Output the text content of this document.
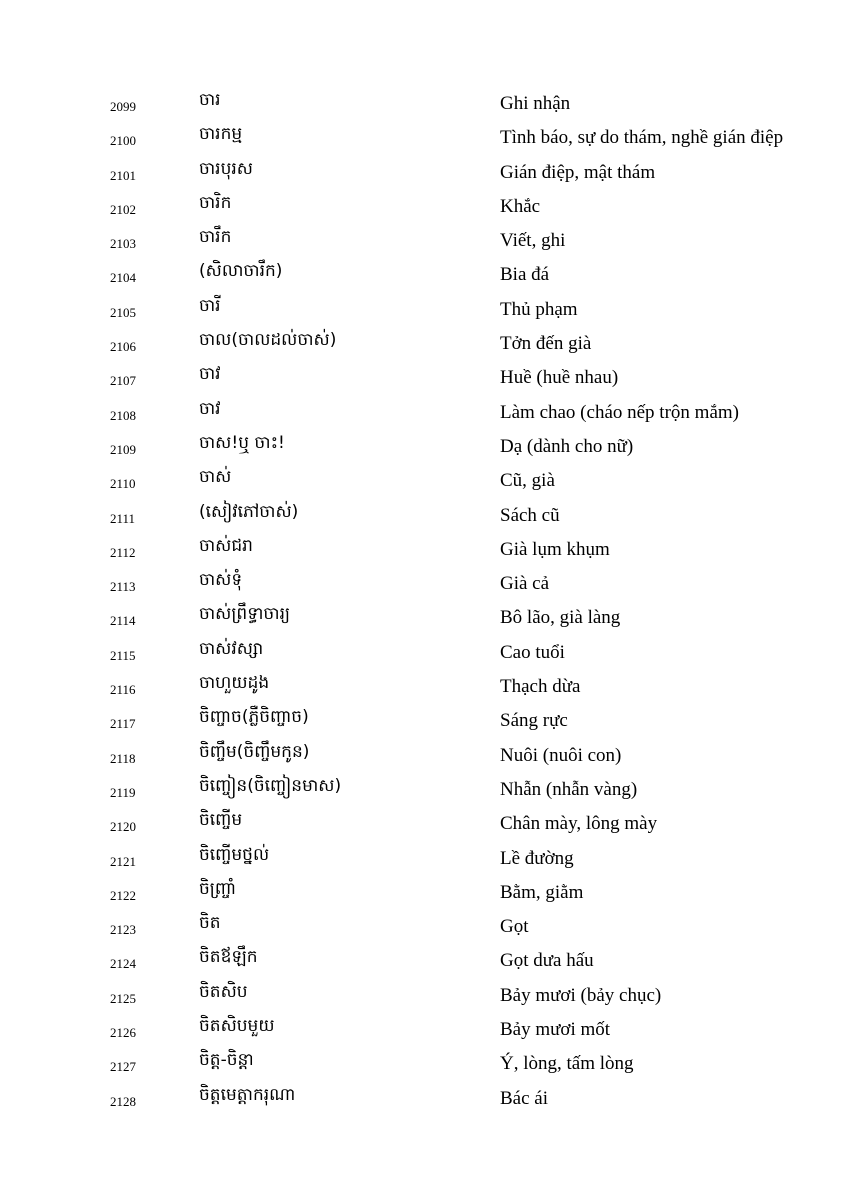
2099	ចារ	Ghi nhận
2100	ចារកម្ម	Tình báo, sự do thám, nghề gián điệp
2101	ចារបុរស	Gián điệp, mật thám
2102	ចារិក	Khắc
2103	ចារឹក	Viết, ghi
2104	(សិលាចារឹក)	Bia đá
2105	ចារី	Thủ phạm
2106	ចាល(ចាលដល់ចាស់)	Tởn đến già
2107	ចាវ	Huề (huề nhau)
2108	ចាវ	Làm chao (cháo nếp trộn mắm)
2109	ចាស!ឬ ចាះ!	Dạ (dành cho nữ)
2110	ចាស់	Cũ, già
2111	(សៀវភៅចាស់)	Sách cũ
2112	ចាស់ជរា	Già lụm khụm
2113	ចាស់ទុំ	Già cả
2114	ចាស់ព្រឹទ្ធាចារ្យ	Bô lão, già làng
2115	ចាស់វស្សា	Cao tuổi
2116	ចាហួយដូង	Thạch dừa
2117	ចិញ្ចាច(ភ្លឺចិញ្ចាច)	Sáng rực
2118	ចិញ្ចឹម(ចិញ្ចឹមកូន)	Nuôi (nuôi con)
2119	ចិញ្ចៀន(ចិញ្ចៀនមាស)	Nhẫn (nhẫn vàng)
2120	ចិញ្ចើម	Chân mày, lông mày
2121	ចិញ្ចើមថ្នល់	Lề đường
2122	ចិញ្ច្រាំ	Bằm, giằm
2123	ចិត	Gọt
2124	ចិតឪឡឹក	Gọt dưa hấu
2125	ចិតសិប	Bảy mươi (bảy chục)
2126	ចិតសិបមួយ	Bảy mươi mốt
2127	ចិត្ត-ចិន្តា	Ý, lòng, tấm lòng
2128	ចិត្តមេត្តាករុណា	Bác ái
